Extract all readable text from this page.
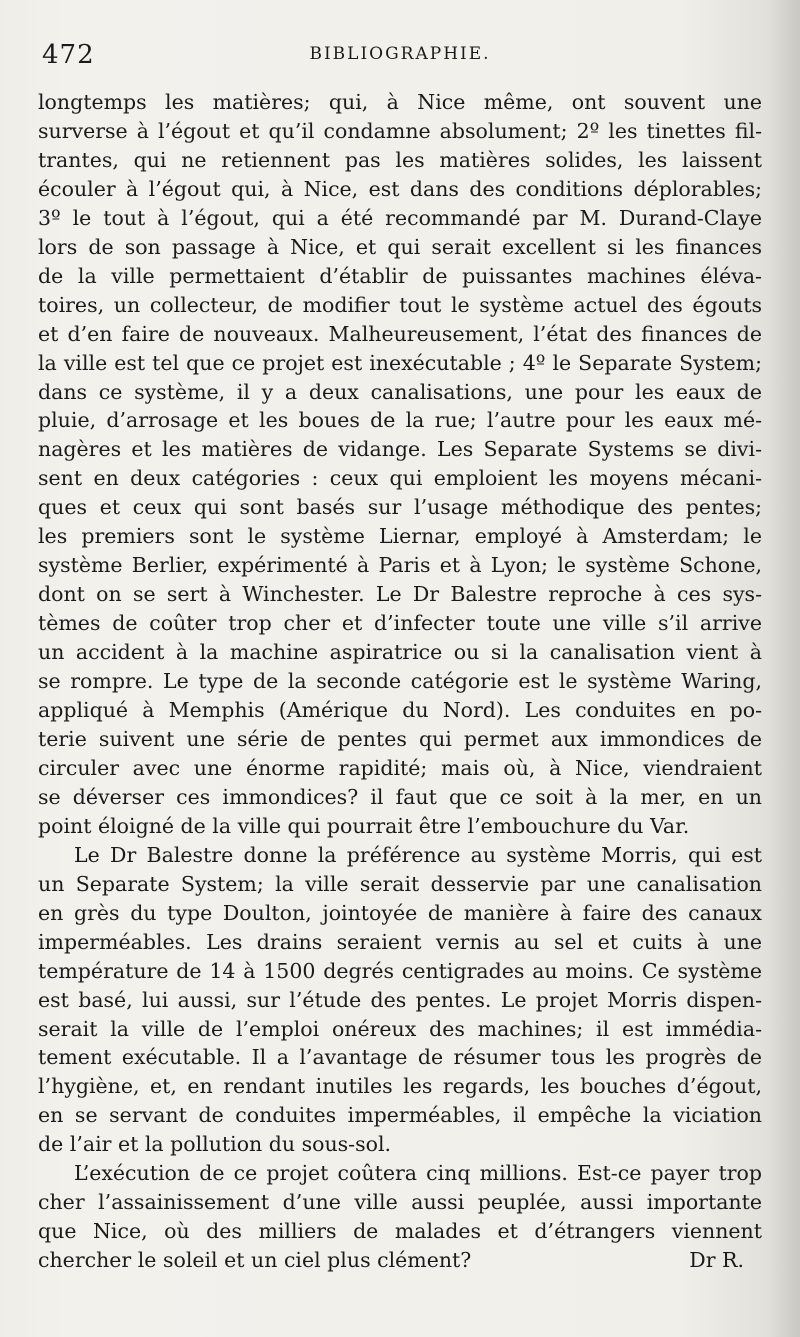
472	BIBLIOGRAPHIE.
longtemps les matières; qui, à Nice même, ont souvent une
surverse à l’égout et qu’il condamne absolument; 2º les tinettes fil-
trantes, qui ne retiennent pas les matières solides, les laissent
écouler à l’égout qui, à Nice, est dans des conditions déplorables;
3º le tout à l’égout, qui a été recommandé par M. Durand-Claye
lors de son passage à Nice, et qui serait excellent si les finances
de la ville permettaient d’établir de puissantes machines éléva-
toires, un collecteur, de modifier tout le système actuel des égouts
et d’en faire de nouveaux. Malheureusement, l’état des finances de
la ville est tel que ce projet est inexécutable ; 4º le Separate System;
dans ce système, il y a deux canalisations, une pour les eaux de
pluie, d’arrosage et les boues de la rue; l’autre pour les eaux mé-
nagères et les matières de vidange. Les Separate Systems se divi-
sent en deux catégories : ceux qui emploient les moyens mécani-
ques et ceux qui sont basés sur l’usage méthodique des pentes;
les premiers sont le système Liernar, employé à Amsterdam; le
système Berlier, expérimenté à Paris et à Lyon; le système Schone,
dont on se sert à Winchester. Le Dr Balestre reproche à ces sys-
tèmes de coûter trop cher et d’infecter toute une ville s’il arrive
un accident à la machine aspiratrice ou si la canalisation vient à
se rompre. Le type de la seconde catégorie est le système Waring,
appliqué à Memphis (Amérique du Nord). Les conduites en po-
terie suivent une série de pentes qui permet aux immondices de
circuler avec une énorme rapidité; mais où, à Nice, viendraient
se déverser ces immondices? il faut que ce soit à la mer, en un
point éloigné de la ville qui pourrait être l’embouchure du Var.
Le Dr Balestre donne la préférence au système Morris, qui est
un Separate System; la ville serait desservie par une canalisation
en grès du type Doulton, jointoyée de manière à faire des canaux
imperméables. Les drains seraient vernis au sel et cuits à une
température de 14 à 1500 degrés centigrades au moins. Ce système
est basé, lui aussi, sur l’étude des pentes. Le projet Morris dispen-
serait la ville de l’emploi onéreux des machines; il est immédia-
tement exécutable. Il a l’avantage de résumer tous les progrès de
l’hygiène, et, en rendant inutiles les regards, les bouches d’égout,
en se servant de conduites imperméables, il empêche la viciation
de l’air et la pollution du sous-sol.
L’exécution de ce projet coûtera cinq millions. Est-ce payer trop
cher l’assainissement d’une ville aussi peuplée, aussi importante
que Nice, où des milliers de malades et d’étrangers viennent
chercher le soleil et un ciel plus clément?	Dr R.
